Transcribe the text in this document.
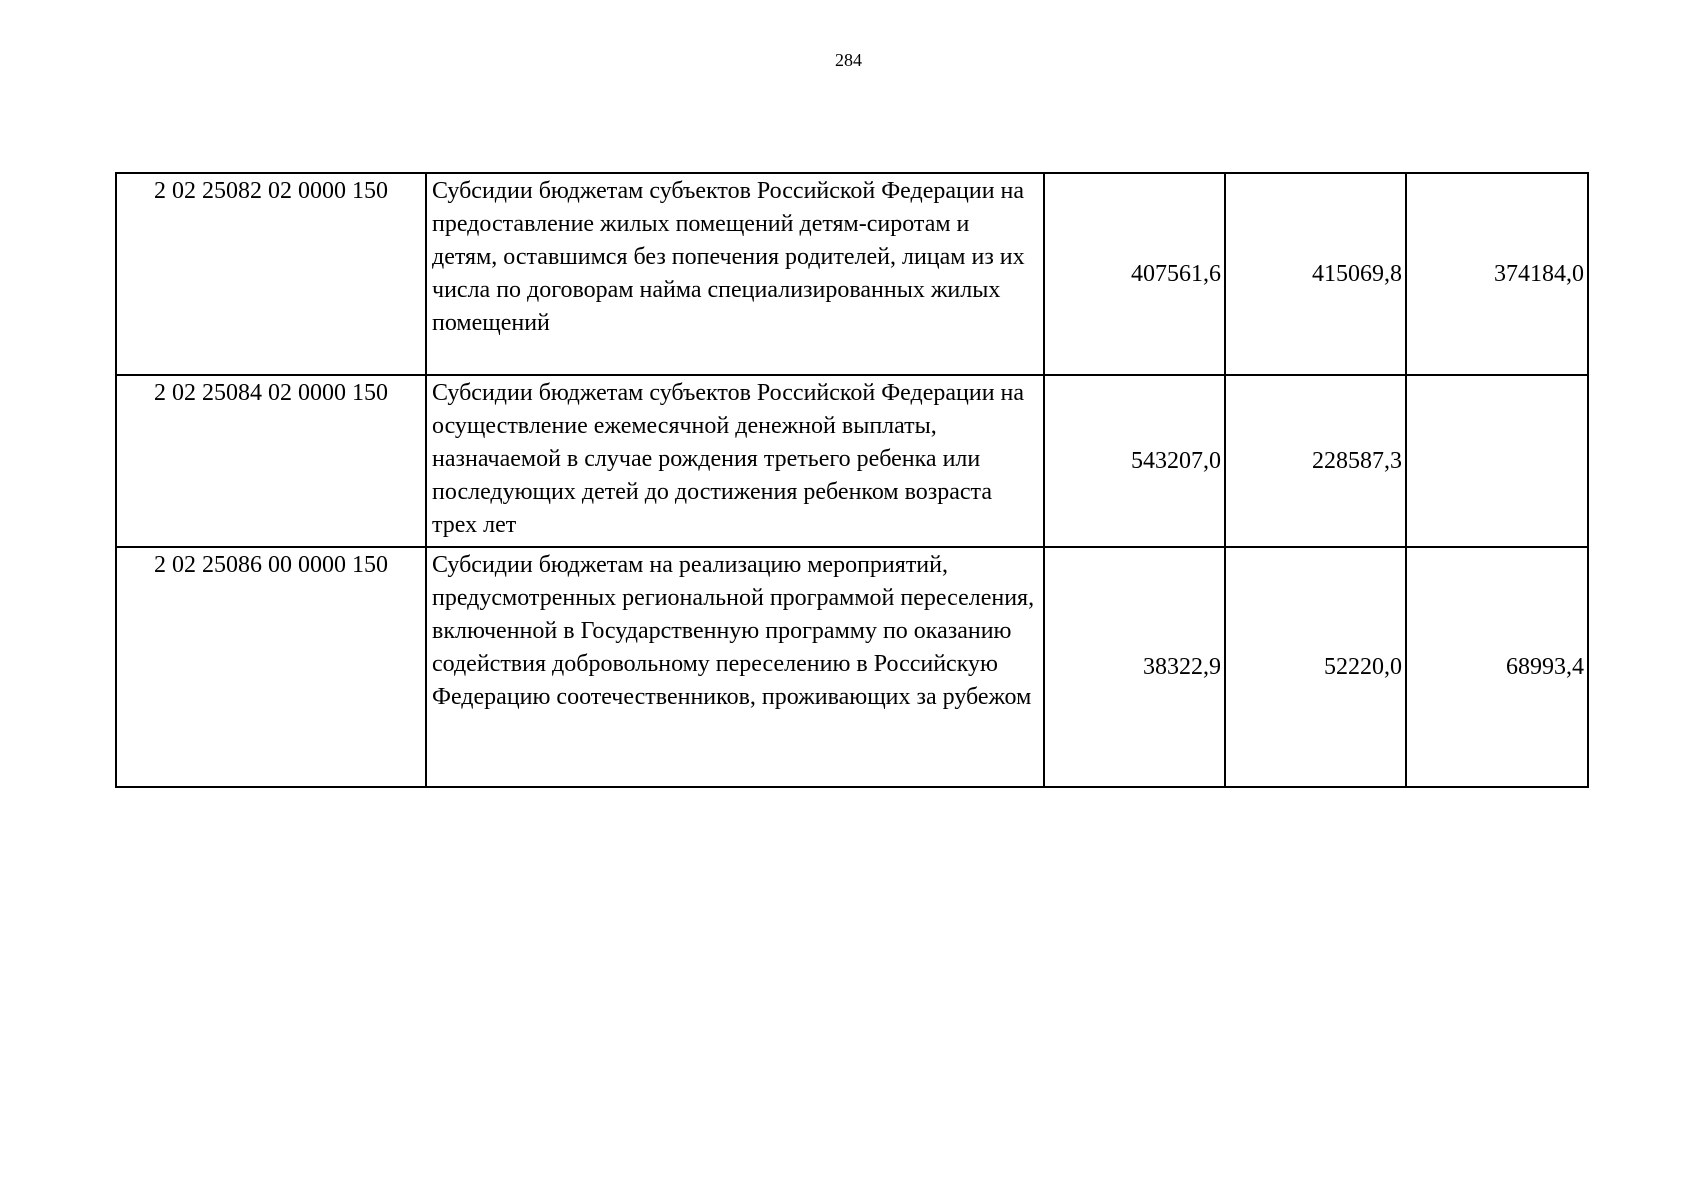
284
2 02 25082 02 0000 150	Субсидии бюджетам субъектов Российской Федерации на предоставление жилых помещений детям-сиротам и детям, оставшимся без попечения родителей, лицам из их числа по договорам найма специализированных жилых помещений	407561,6	415069,8	374184,0
2 02 25084 02 0000 150	Субсидии бюджетам субъектов Российской Федерации на осуществление ежемесячной денежной выплаты, назначаемой в случае рождения третьего ребенка или последующих детей до достижения ребенком возраста трех лет	543207,0	228587,3	
2 02 25086 00 0000 150	Субсидии бюджетам на реализацию мероприятий, предусмотренных региональной программой переселения, включенной в Государственную программу по оказанию содействия добровольному переселению в Российскую Федерацию соотечественников, проживающих за рубежом	38322,9	52220,0	68993,4
